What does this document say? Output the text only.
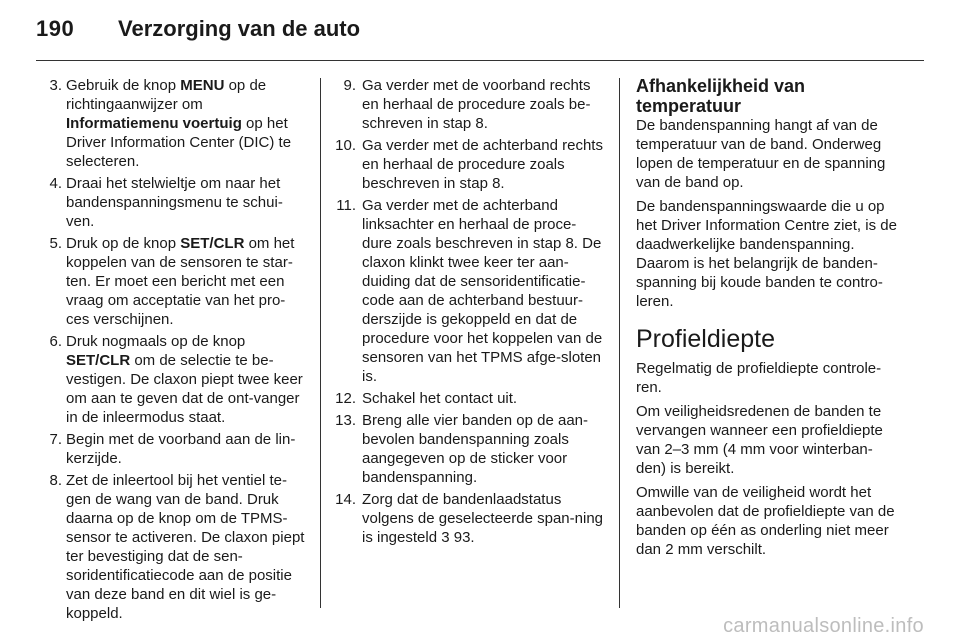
190 Verzorging van de auto
3. Gebruik de knop MENU op de richtingaanwijzer om Informatiemenu voertuig op het Driver Information Center (DIC) te selecteren.
4. Draai het stelwieltje om naar het bandenspanningsmenu te schui-ven.
5. Druk op de knop SET/CLR om het koppelen van de sensoren te star-ten. Er moet een bericht met een vraag om acceptatie van het pro-ces verschijnen.
6. Druk nogmaals op de knop
SET/CLR om de selectie te be-vestigen. De claxon piept twee keer om aan te geven dat de ont-vanger in de inleermodus staat.
7. Begin met de voorband aan de lin-kerzijde.
8. Zet de inleertool bij het ventiel te-gen de wang van de band. Druk daarna op de knop om de TPMS-sensor te activeren. De claxon piept ter bevestiging dat de sen-soridentificatiecode aan de positie van deze band en dit wiel is ge-koppeld.
9. Ga verder met de voorband rechts en herhaal de procedure zoals be-schreven in stap 8.
10. Ga verder met de achterband rechts en herhaal de procedure zoals beschreven in stap 8.
11. Ga verder met de achterband linksachter en herhaal de proce-dure zoals beschreven in stap 8. De claxon klinkt twee keer ter aan-duiding dat de sensoridentificatie-code aan de achterband bestuur-derszijde is gekoppeld en dat de procedure voor het koppelen van de sensoren van het TPMS afge-sloten is.
12. Schakel het contact uit.
13. Breng alle vier banden op de aan-bevolen bandenspanning zoals aangegeven op de sticker voor bandenspanning.
14. Zorg dat de bandenlaadstatus volgens de geselecteerde span-ning is ingesteld 3 93.
Afhankelijkheid van temperatuur

De bandenspanning hangt af van de temperatuur van de band. Onderweg lopen de temperatuur en de spanning van de band op.

De bandenspanningswaarde die u op het Driver Information Centre ziet, is de daadwerkelijke bandenspanning. Daarom is het belangrijk de banden-spanning bij koude banden te contro-leren.

Profieldiepte

Regelmatig de profieldiepte controle-ren.

Om veiligheidsredenen de banden te vervangen wanneer een profieldiepte van 2–3 mm (4 mm voor winterban-den) is bereikt.

Omwille van de veiligheid wordt het aanbevolen dat de profieldiepte van de banden op één as onderling niet meer dan 2 mm verschilt.

carmanualsonline.info
